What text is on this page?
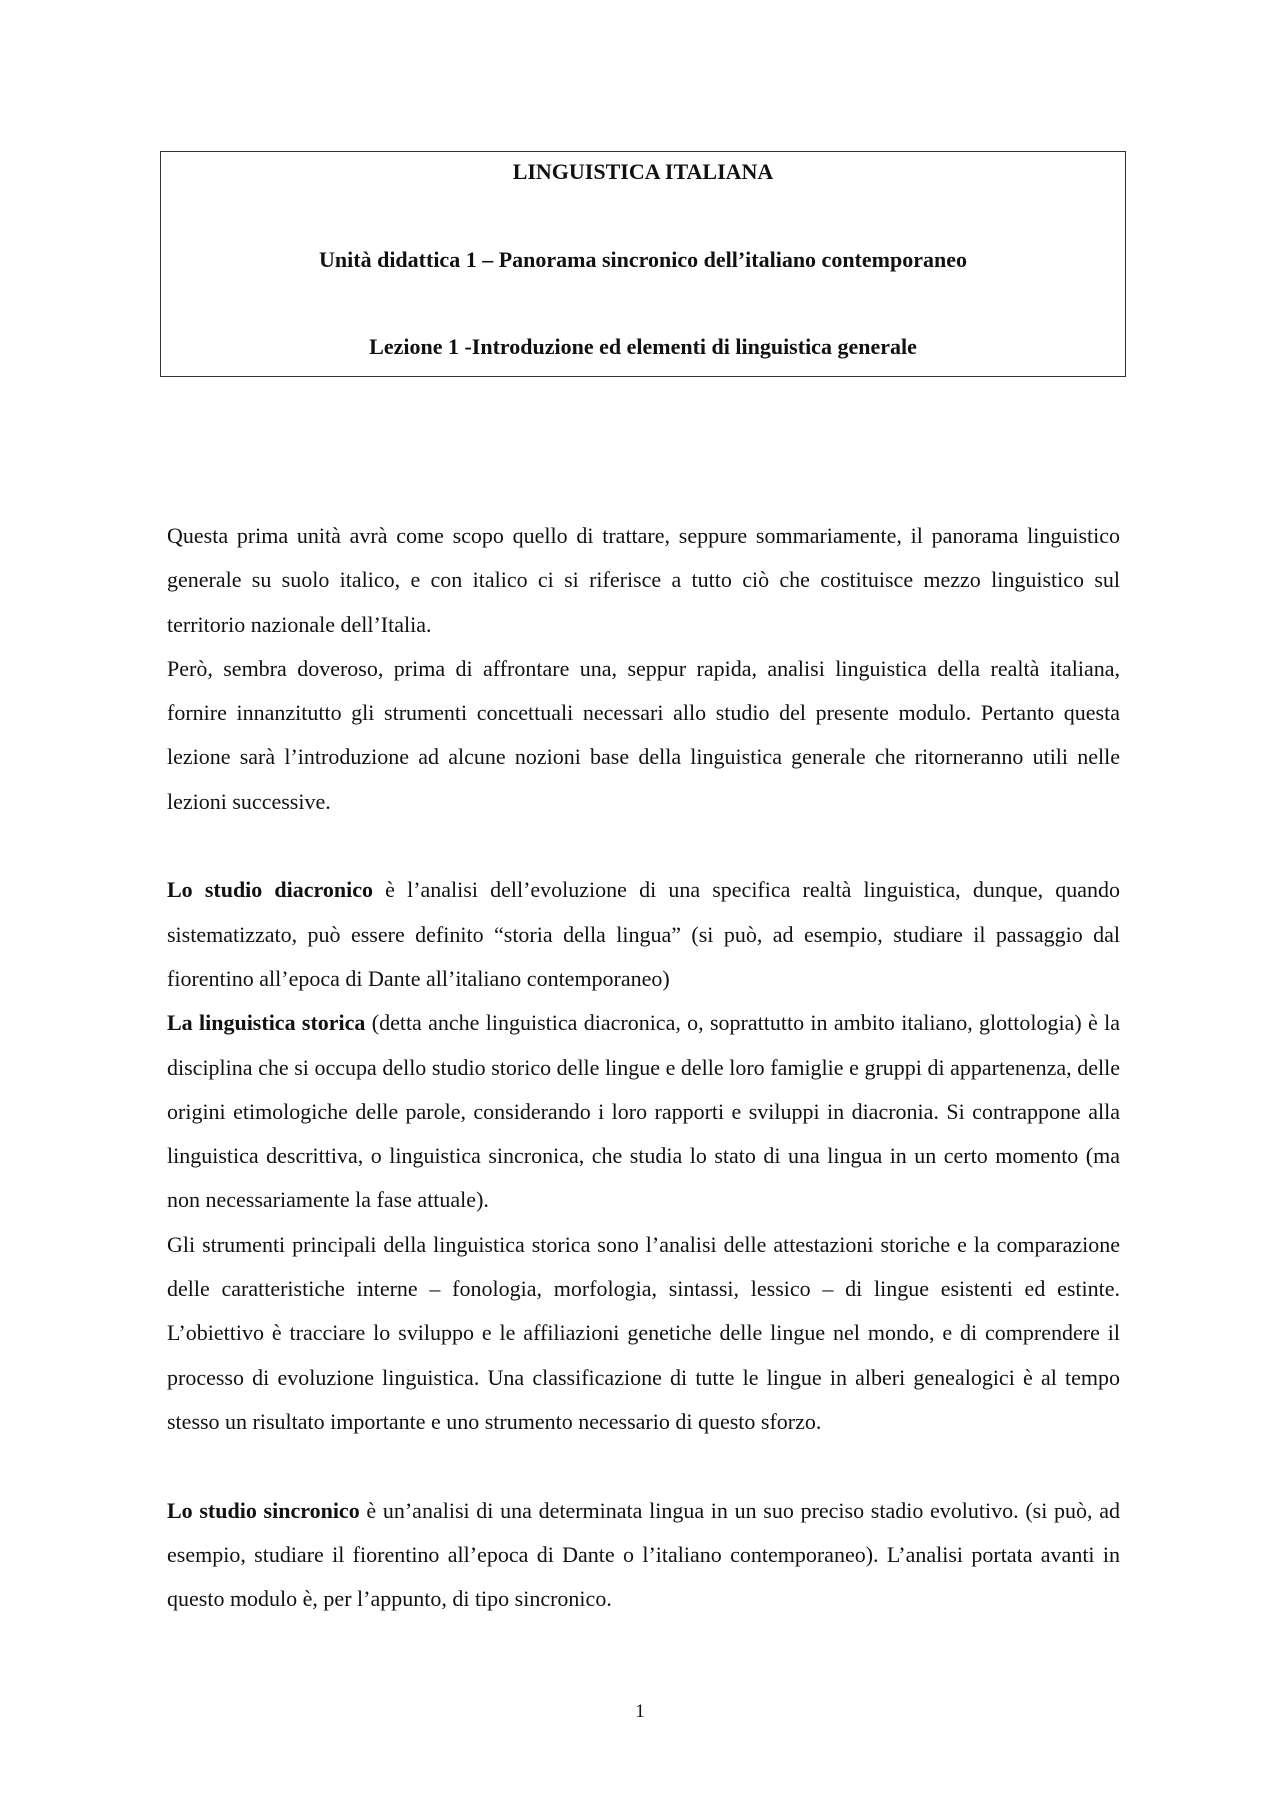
LINGUISTICA ITALIANA
Unità didattica 1 – Panorama sincronico dell’italiano contemporaneo
Lezione 1 -Introduzione ed elementi di linguistica generale

Questa prima unità avrà come scopo quello di trattare, seppure sommariamente, il panorama linguistico generale su suolo italico, e con italico ci si riferisce a tutto ciò che costituisce mezzo linguistico sul territorio nazionale dell’Italia.

Però, sembra doveroso, prima di affrontare una, seppur rapida, analisi linguistica della realtà italiana, fornire innanzitutto gli strumenti concettuali necessari allo studio del presente modulo. Pertanto questa lezione sarà l’introduzione ad alcune nozioni base della linguistica generale che ritorneranno utili nelle lezioni successive.

Lo studio diacronico è l’analisi dell’evoluzione di una specifica realtà linguistica, dunque, quando sistematizzato, può essere definito “storia della lingua” (si può, ad esempio, studiare il passaggio dal fiorentino all’epoca di Dante all’italiano contemporaneo)

La linguistica storica (detta anche linguistica diacronica, o, soprattutto in ambito italiano, glottologia) è la disciplina che si occupa dello studio storico delle lingue e delle loro famiglie e gruppi di appartenenza, delle origini etimologiche delle parole, considerando i loro rapporti e sviluppi in diacronia. Si contrappone alla linguistica descrittiva, o linguistica sincronica, che studia lo stato di una lingua in un certo momento (ma non necessariamente la fase attuale).

Gli strumenti principali della linguistica storica sono l’analisi delle attestazioni storiche e la comparazione delle caratteristiche interne – fonologia, morfologia, sintassi, lessico – di lingue esistenti ed estinte. L’obiettivo è tracciare lo sviluppo e le affiliazioni genetiche delle lingue nel mondo, e di comprendere il processo di evoluzione linguistica. Una classificazione di tutte le lingue in alberi genealogici è al tempo stesso un risultato importante e uno strumento necessario di questo sforzo.

Lo studio sincronico è un’analisi di una determinata lingua in un suo preciso stadio evolutivo. (si può, ad esempio, studiare il fiorentino all’epoca di Dante o l’italiano contemporaneo). L’analisi portata avanti in questo modulo è, per l’appunto, di tipo sincronico.

1
